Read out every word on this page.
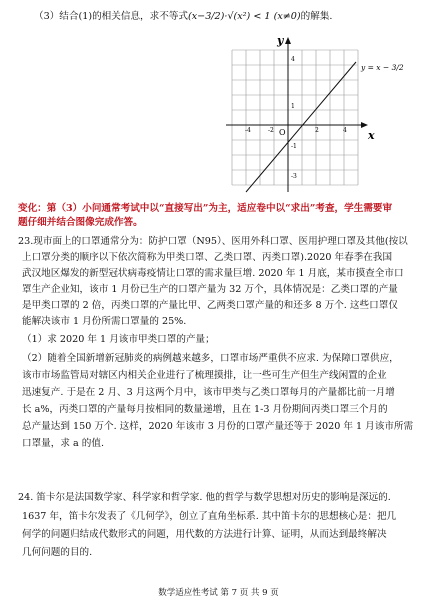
（3）结合(1)的相关信息，求不等式(x−3/2)·√(x²) < 1 (x≠0)的解集.
y
x
O
-4	-2	2	4
4
1
-1
-3
y = x − 3/2
变化：第（3）小问通常考试中以“直接写出”为主，适应卷中以“求出”考查，学生需要审
题仔细并结合图像完成作答。
23.现市面上的口罩通常分为：防护口罩（N95）、医用外科口罩、医用护理口罩及其他(按以
上口罩分类的顺序以下依次简称为甲类口罩、乙类口罩、丙类口罩).2020 年春季在我国
武汉地区爆发的新型冠状病毒疫情让口罩的需求量巨增. 2020 年 1 月底，某市摸查全市口
罩生产企业知，该市 1 月份已生产的口罩产量为 32 万个，具体情况是：乙类口罩的产量
是甲类口罩的 2 倍，丙类口罩的产量比甲、乙两类口罩产量的和还多 8 万个. 这些口罩仅
能解决该市 1 月份所需口罩量的 25%.
（1）求 2020 年 1 月该市甲类口罩的产量；
（2）随着全国新增新冠肺炎的病例越来越多，口罩市场严重供不应求. 为保障口罩供应，
该市市场监管局对辖区内相关企业进行了梳理摸排，让一些可生产但生产线闲置的企业
迅速复产. 于是在 2 月、3 月这两个月中，该市甲类与乙类口罩每月的产量都比前一月增
长 a%，丙类口罩的产量每月按相同的数量递增，且在 1-3 月份期间丙类口罩三个月的
总产量达到 150 万个. 这样，2020 年该市 3 月份的口罩产量还等于 2020 年 1 月该市所需
口罩量，求 a 的值.
24. 笛卡尔是法国数学家、科学家和哲学家. 他的哲学与数学思想对历史的影响是深远的.
1637 年，笛卡尔发表了《几何学》，创立了直角坐标系. 其中笛卡尔的思想核心是：把几
何学的问题归结成代数形式的问题，用代数的方法进行计算、证明，从而达到最终解决
几何问题的目的.
数学适应性考试 第 7 页 共 9 页
